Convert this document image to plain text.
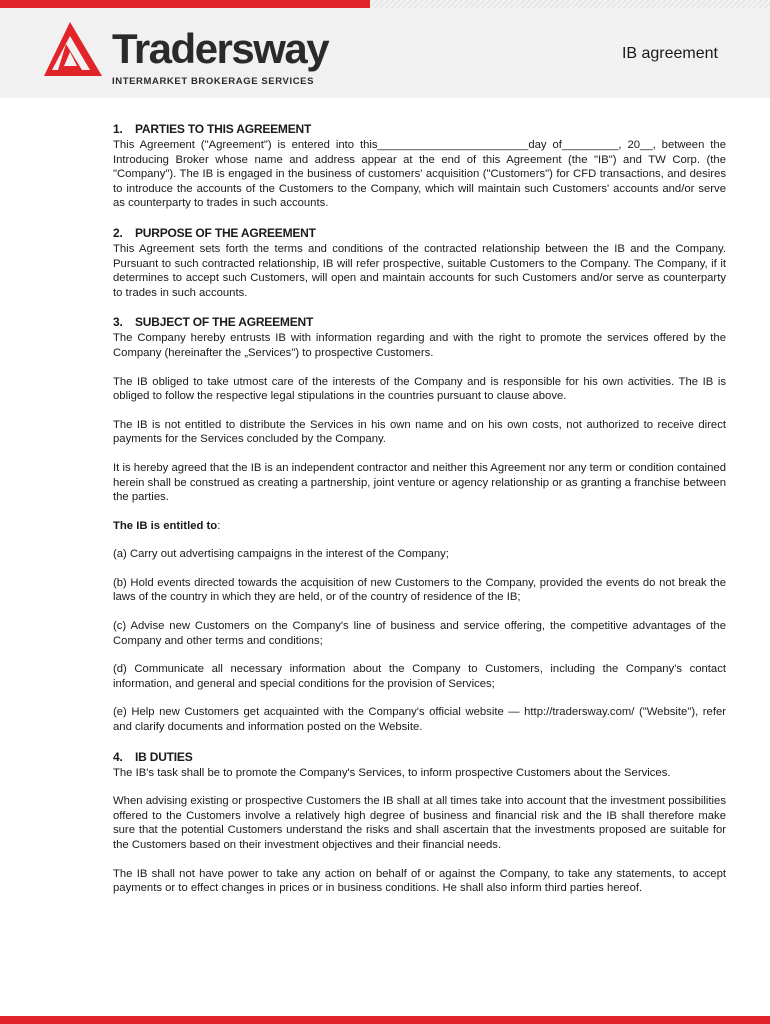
Tradersway
INTERMARKET BROKERAGE SERVICES
IB agreement
1. PARTIES TO THIS AGREEMENT

This Agreement ("Agreement") is entered into this________________________day of_________, 20__, between the Introducing Broker whose name and address appear at the end of this Agreement (the "IB") and TW Corp. (the "Company"). The IB is engaged in the business of customers' acquisition ("Customers") for CFD transactions, and desires to introduce the accounts of the Customers to the Company, which will maintain such Customers' accounts and/or serve as counterparty to trades in such accounts.

2. PURPOSE OF THE AGREEMENT

This Agreement sets forth the terms and conditions of the contracted relationship between the IB and the Company. Pursuant to such contracted relationship, IB will refer prospective, suitable Customers to the Company. The Company, if it determines to accept such Customers, will open and maintain accounts for such Customers and/or serve as counterparty to trades in such accounts.

3. SUBJECT OF THE AGREEMENT

The Company hereby entrusts IB with information regarding and with the right to promote the services offered by the Company (hereinafter the „Services") to prospective Customers.

The IB obliged to take utmost care of the interests of the Company and is responsible for his own activities. The IB is obliged to follow the respective legal stipulations in the countries pursuant to clause above.

The IB is not entitled to distribute the Services in his own name and on his own costs, not authorized to receive direct payments for the Services concluded by the Company.

It is hereby agreed that the IB is an independent contractor and neither this Agreement nor any term or condition contained herein shall be construed as creating a partnership, joint venture or agency relationship or as granting a franchise between the parties.

The IB is entitled to:

(a) Carry out advertising campaigns in the interest of the Company;

(b) Hold events directed towards the acquisition of new Customers to the Company, provided the events do not break the laws of the country in which they are held, or of the country of residence of the IB;

(c) Advise new Customers on the Company's line of business and service offering, the competitive advantages of the Company and other terms and conditions;

(d) Communicate all necessary information about the Company to Customers, including the Company's contact information, and general and special conditions for the provision of Services;

(e) Help new Customers get acquainted with the Company's official website — http://tradersway.com/ ("Website"), refer and clarify documents and information posted on the Website.

4. IB DUTIES

The IB's task shall be to promote the Company's Services, to inform prospective Customers about the Services.

When advising existing or prospective Customers the IB shall at all times take into account that the investment possibilities offered to the Customers involve a relatively high degree of business and financial risk and the IB shall therefore make sure that the potential Customers understand the risks and shall ascertain that the investments proposed are suitable for the Customers based on their investment objectives and their financial needs.

The IB shall not have power to take any action on behalf of or against the Company, to take any statements, to accept payments or to effect changes in prices or in business conditions. He shall also inform third parties hereof.
